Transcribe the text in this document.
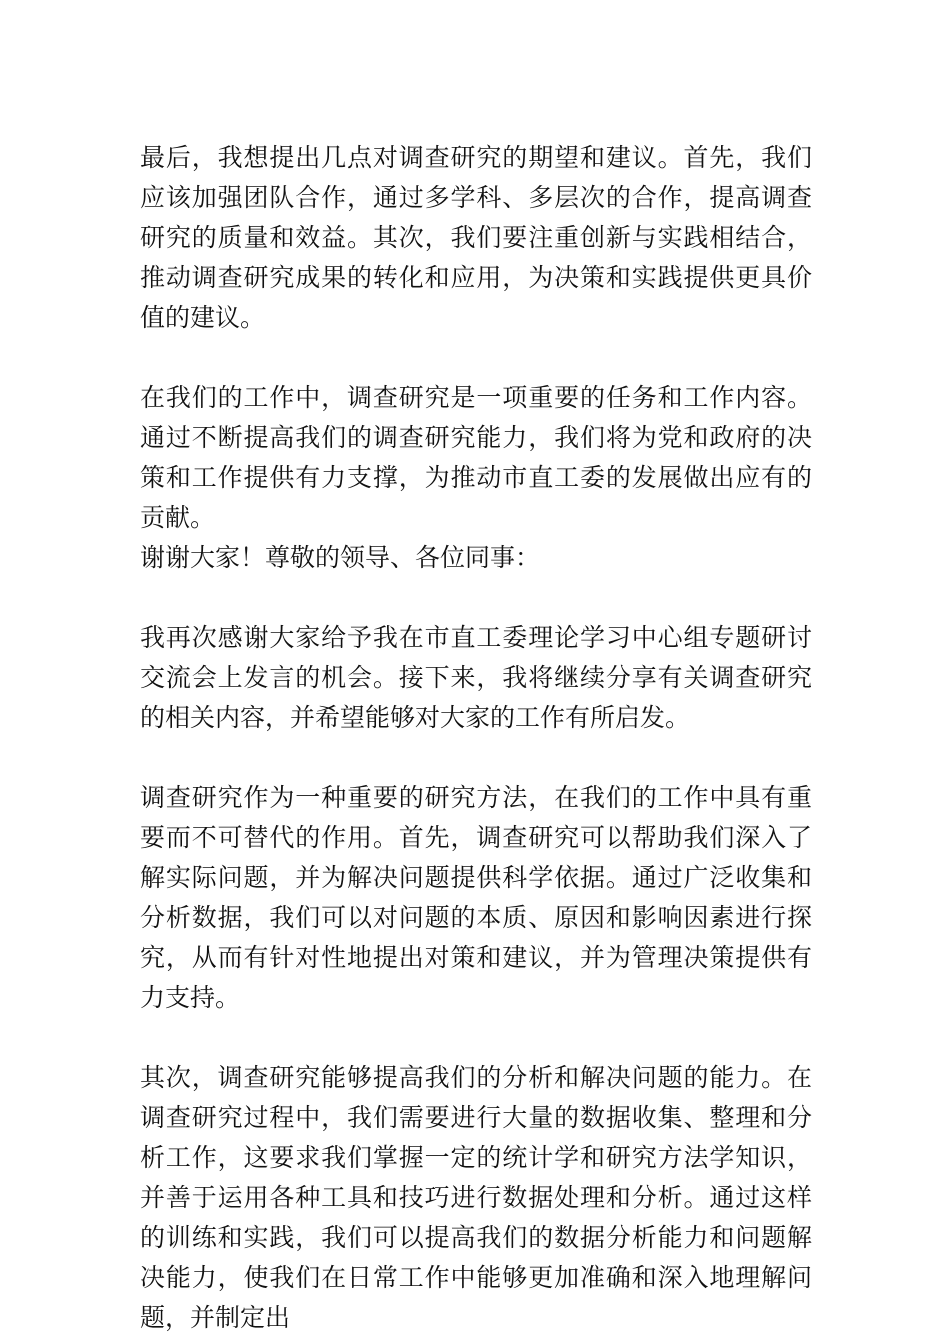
最后，我想提出几点对调查研究的期望和建议。首先，我们应该加强团队合作，通过多学科、多层次的合作，提高调查研究的质量和效益。其次，我们要注重创新与实践相结合，推动调查研究成果的转化和应用，为决策和实践提供更具价值的建议。

在我们的工作中，调查研究是一项重要的任务和工作内容。通过不断提高我们的调查研究能力，我们将为党和政府的决策和工作提供有力支撑，为推动市直工委的发展做出应有的贡献。

谢谢大家！尊敬的领导、各位同事：

我再次感谢大家给予我在市直工委理论学习中心组专题研讨交流会上发言的机会。接下来，我将继续分享有关调查研究的相关内容，并希望能够对大家的工作有所启发。

调查研究作为一种重要的研究方法，在我们的工作中具有重要而不可替代的作用。首先，调查研究可以帮助我们深入了解实际问题，并为解决问题提供科学依据。通过广泛收集和分析数据，我们可以对问题的本质、原因和影响因素进行探究，从而有针对性地提出对策和建议，并为管理决策提供有力支持。

其次，调查研究能够提高我们的分析和解决问题的能力。在调查研究过程中，我们需要进行大量的数据收集、整理和分析工作，这要求我们掌握一定的统计学和研究方法学知识，并善于运用各种工具和技巧进行数据处理和分析。通过这样的训练和实践，我们可以提高我们的数据分析能力和问题解决能力，使我们在日常工作中能够更加准确和深入地理解问题，并制定出
